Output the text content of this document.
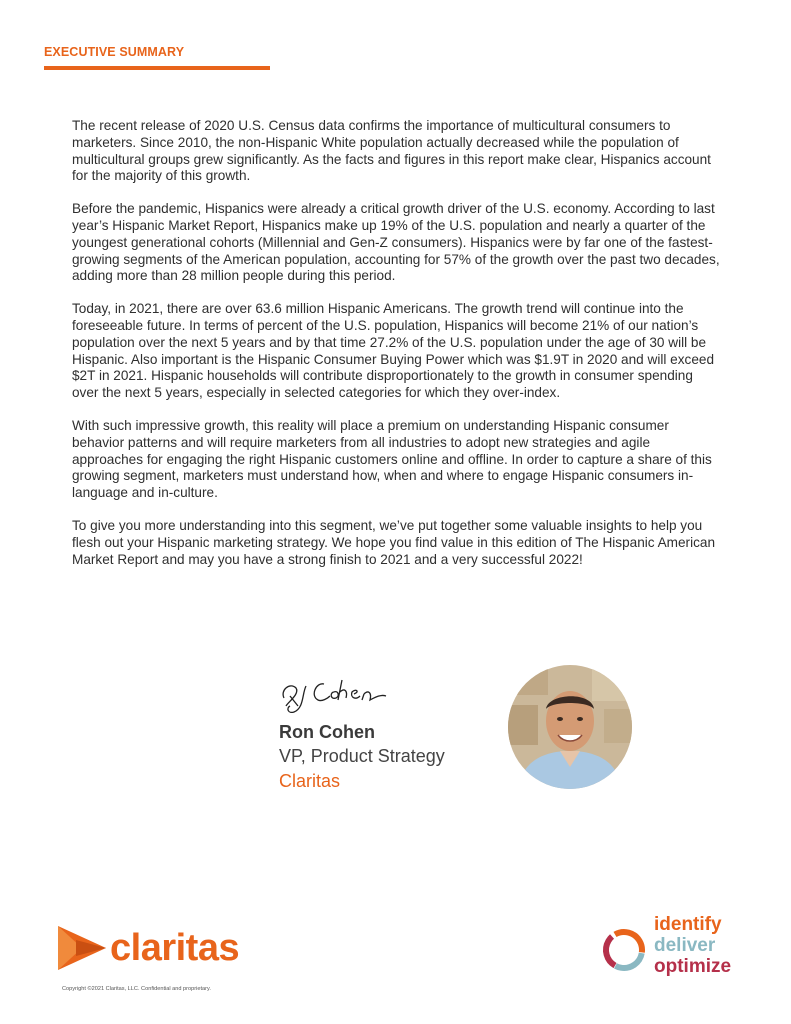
EXECUTIVE SUMMARY

The recent release of 2020 U.S. Census data confirms the importance of multicultural consumers to marketers. Since 2010, the non-Hispanic White population actually decreased while the population of multicultural groups grew significantly. As the facts and figures in this report make clear, Hispanics account for the majority of this growth.

Before the pandemic, Hispanics were already a critical growth driver of the U.S. economy. According to last year’s Hispanic Market Report, Hispanics make up 19% of the U.S. population and nearly a quarter of the youngest generational cohorts (Millennial and Gen-Z consumers). Hispanics were by far one of the fastest-growing segments of the American population, accounting for 57% of the growth over the past two decades, adding more than 28 million people during this period.

Today, in 2021, there are over 63.6 million Hispanic Americans. The growth trend will continue into the foreseeable future. In terms of percent of the U.S. population, Hispanics will become 21% of our nation’s population over the next 5 years and by that time 27.2% of the U.S. population under the age of 30 will be Hispanic. Also important is the Hispanic Consumer Buying Power which was $1.9T in 2020 and will exceed $2T in 2021. Hispanic households will contribute disproportionately to the growth in consumer spending over the next 5 years, especially in selected categories for which they over-index.

With such impressive growth, this reality will place a premium on understanding Hispanic consumer behavior patterns and will require marketers from all industries to adopt new strategies and agile approaches for engaging the right Hispanic customers online and offline. In order to capture a share of this growing segment, marketers must understand how, when and where to engage Hispanic consumers in-language and in-culture.

To give you more understanding into this segment, we’ve put together some valuable insights to help you flesh out your Hispanic marketing strategy. We hope you find value in this edition of The Hispanic American Market Report and may you have a strong finish to 2021 and a very successful 2022!

Ron Cohen
VP, Product Strategy
Claritas
claritas
Copyright ©2021 Claritas, LLC. Confidential and proprietary.
identify
deliver
optimize
